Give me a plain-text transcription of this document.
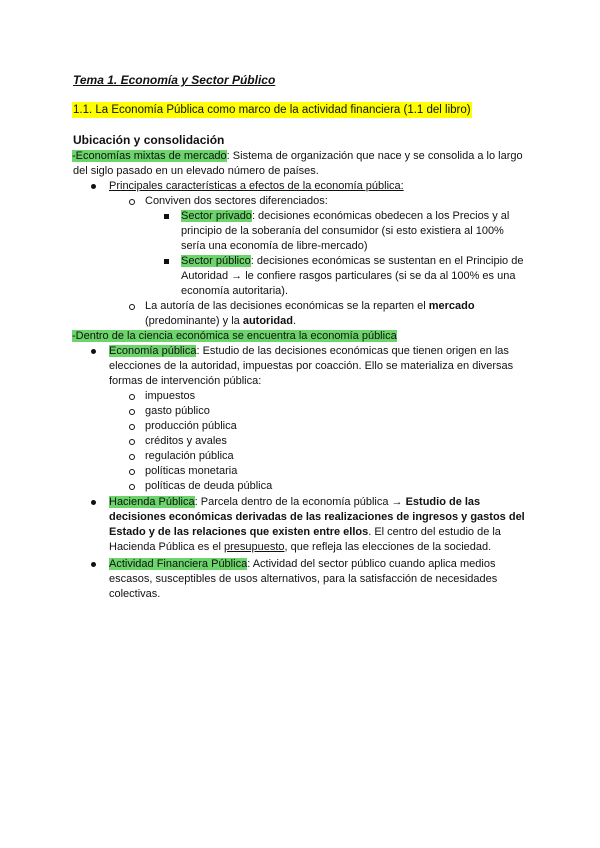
Tema 1. Economía y Sector Público
1.1. La Economía Pública como marco de la actividad financiera (1.1 del libro)
Ubicación y consolidación
-Economías mixtas de mercado: Sistema de organización que nace y se consolida a lo largo
del siglo pasado en un elevado número de países.
Principales características a efectos de la economía pública:
Conviven dos sectores diferenciados:
Sector privado: decisiones económicas obedecen a los Precios y al
principio de la soberanía del consumidor (si esto existiera al 100%
sería una economía de libre-mercado)
Sector público: decisiones económicas se sustentan en el Principio de
Autoridad → le confiere rasgos particulares (si se da al 100% es una
economía autoritaria).
La autoría de las decisiones económicas se la reparten el mercado
(predominante) y la autoridad.
-Dentro de la ciencia económica se encuentra la economía pública
Economía pública: Estudio de las decisiones económicas que tienen origen en las
elecciones de la autoridad, impuestas por coacción. Ello se materializa en diversas
formas de intervención pública:
impuestos
gasto público
producción pública
créditos y avales
regulación pública
políticas monetaria
políticas de deuda pública
Hacienda Pública: Parcela dentro de la economía pública → Estudio de las
decisiones económicas derivadas de las realizaciones de ingresos y gastos del
Estado y de las relaciones que existen entre ellos. El centro del estudio de la
Hacienda Pública es el presupuesto, que refleja las elecciones de la sociedad.
Actividad Financiera Pública: Actividad del sector público cuando aplica medios
escasos, susceptibles de usos alternativos, para la satisfacción de necesidades
colectivas.
